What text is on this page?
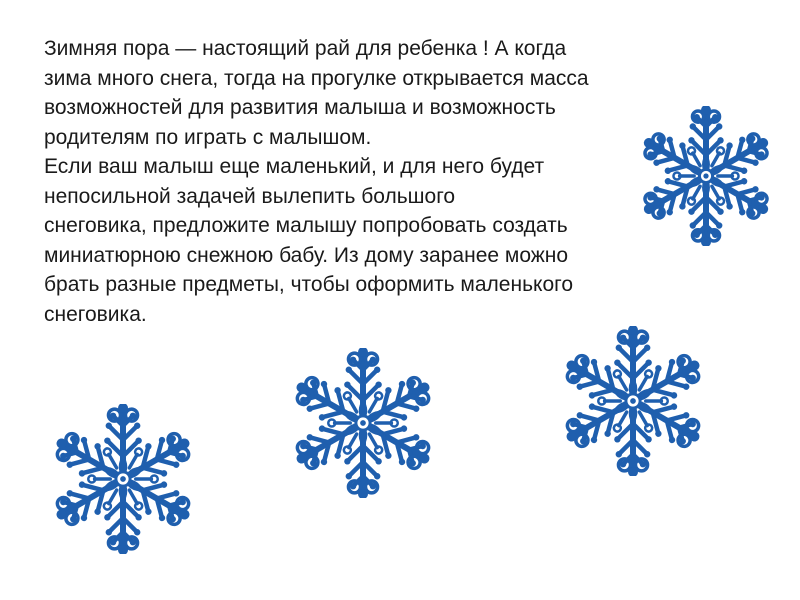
Зимняя пора — настоящий рай для ребенка ! А когда
зима много снега, тогда на прогулке открывается масса
возможностей для развития малыша и возможность
родителям по играть с малышом.
Если ваш малыш еще маленький, и для него будет
непосильной задачей вылепить большого
снеговика, предложите малышу попробовать создать
миниатюрною снежною бабу. Из дому заранее можно
брать разные предметы, чтобы оформить маленького
снеговика.
